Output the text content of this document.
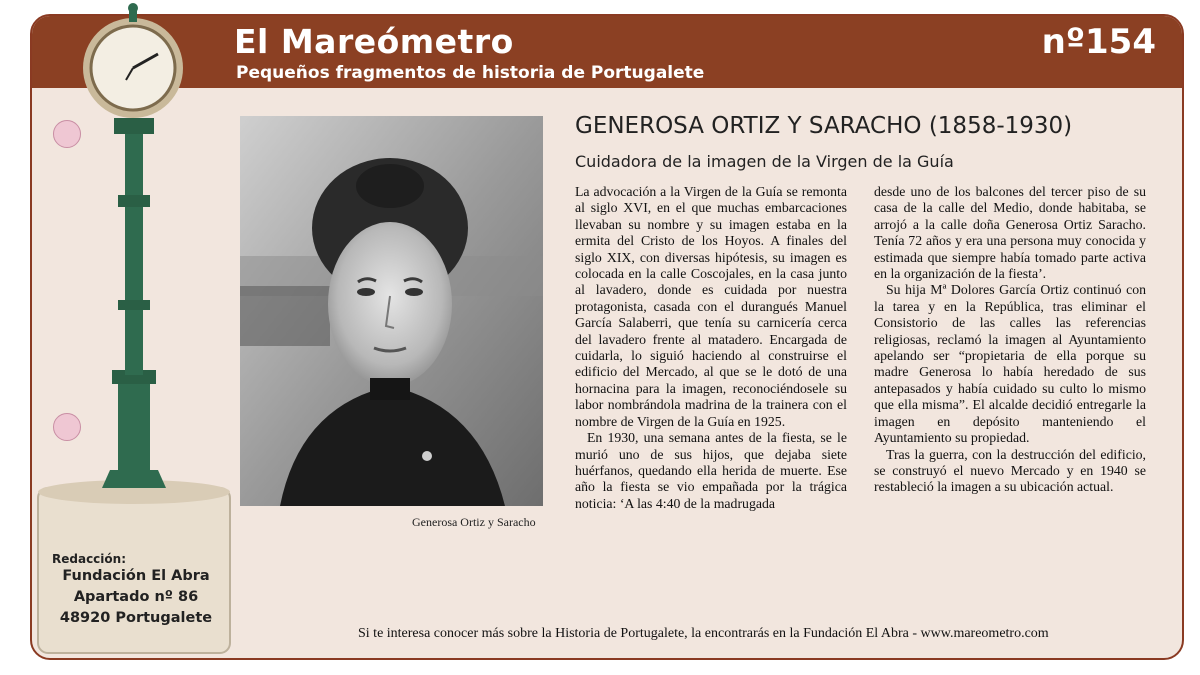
El Mareómetro
Pequeños fragmentos de historia de Portugalete
nº154
GENEROSA ORTIZ Y SARACHO (1858-1930)
Cuidadora de la imagen de la Virgen de la Guía

La advocación a la Virgen de la Guía se remonta al siglo XVI, en el que muchas embarcaciones llevaban su nombre y su imagen estaba en la ermita del Cristo de los Hoyos. A finales del siglo XIX, con diversas hipótesis, su imagen es colocada en la calle Coscojales, en la casa junto al lavadero, donde es cuidada por nuestra protagonista, casada con el durangués Manuel García Salaberri, que tenía su carnicería cerca del lavadero frente al matadero. Encargada de cuidarla, lo siguió haciendo al construirse el edificio del Mercado, al que se le dotó de una hornacina para la imagen, reconociéndosele su labor nombrándola madrina de la trainera con el nombre de Virgen de la Guía en 1925.

En 1930, una semana antes de la fiesta, se le murió uno de sus hijos, que dejaba siete huérfanos, quedando ella herida de muerte. Ese año la fiesta se vio empañada por la trágica noticia: ‘A las 4:40 de la madrugada

desde uno de los balcones del tercer piso de su casa de la calle del Medio, donde habitaba, se arrojó a la calle doña Generosa Ortiz Saracho. Tenía 72 años y era una persona muy conocida y estimada que siempre había tomado parte activa en la organización de la fiesta’.

Su hija Mª Dolores García Ortiz continuó con la tarea y en la República, tras eliminar el Consistorio de las calles las referencias religiosas, reclamó la imagen al Ayuntamiento apelando ser “propietaria de ella porque su madre Generosa lo había heredado de sus antepasados y había cuidado su culto lo mismo que ella misma”. El alcalde decidió entregarle la imagen en depósito manteniendo el Ayuntamiento su propiedad.

Tras la guerra, con la destrucción del edificio, se construyó el nuevo Mercado y en 1940 se restableció la imagen a su ubicación actual.

Generosa Ortiz y Saracho
Si te interesa conocer más sobre la Historia de Portugalete, la encontrarás en la Fundación El Abra - www.mareometro.com
Redacción:
Fundación El Abra
Apartado nº 86
48920 Portugalete
